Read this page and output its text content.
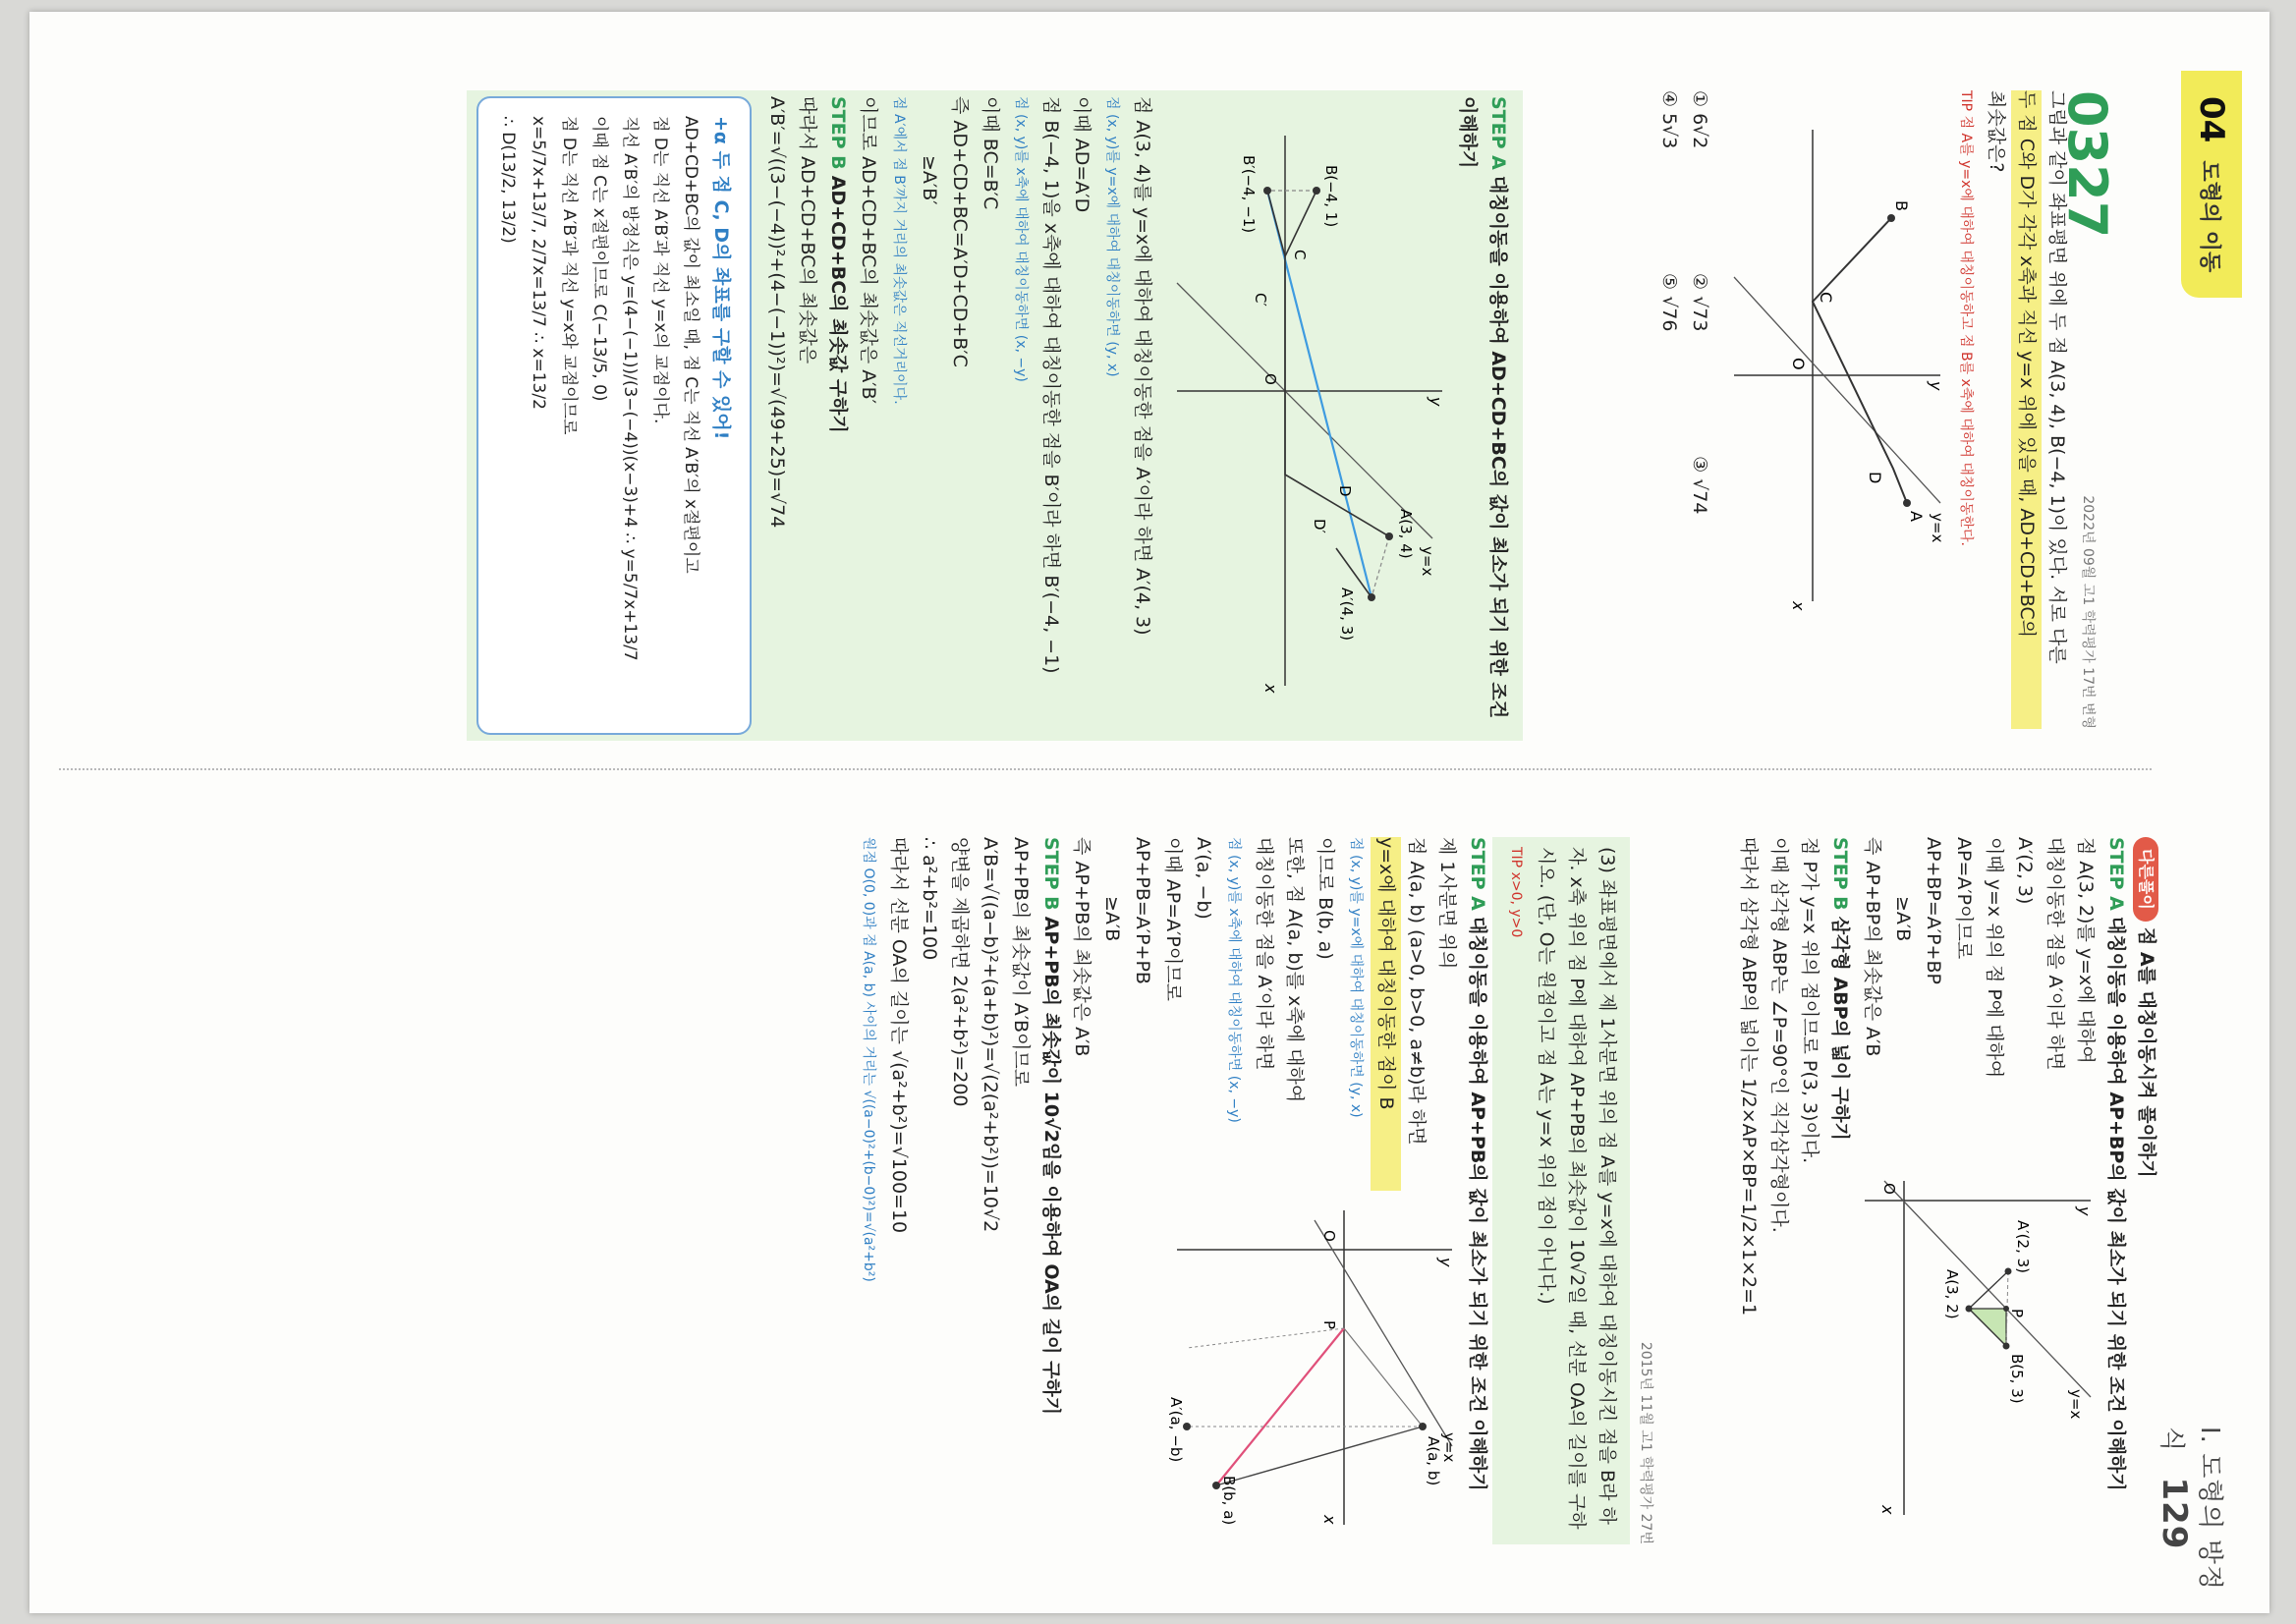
04
도형의 이동
Ⅰ. 도형의 방정식 129
0327
2022년 09월 고1 학력평가 17번 변형
그림과 같이 좌표평면 위에 두 점 A(3, 4), B(−4, 1)이 있다. 서로 다른
두 점 C와 D가 각각 x축과 직선 y=x 위에 있을 때, AD+CD+BC의
최솟값은?
TIP 점 A를 y=x에 대하여 대칭이동하고 점 B를 x축에 대하여 대칭이동한다.
y
y=x
A
B
C
D
O
x
① 6√2 ② √73 ③ √74
④ 5√3 ⑤ √76
STEP A 대칭이동을 이용하여 AD+CD+BC의 값이 최소가 되기 위한 조건 이해하기
y
B(−4, 1)
A(3, 4)
y=x
C
C′
D
D′
O
x
B′(−4, −1)
A′(4, 3)
점 A(3, 4)를 y=x에 대하여 대칭이동한 점을 A′이라 하면 A′(4, 3)
점 (x, y)를 y=x에 대하여 대칭이동하면 (y, x)
이때 AD=A′D
점 B(−4, 1)을 x축에 대하여 대칭이동한 점을 B′이라 하면 B′(−4, −1)
점 (x, y)를 x축에 대하여 대칭이동하면 (x, −y)
이때 BC=B′C
즉 AD+CD+BC=A′D+CD+B′C
≥A′B′
점 A′에서 점 B′까지 거리의 최솟값은 직선거리이다.
이므로 AD+CD+BC의 최솟값은 A′B′
STEP B AD+CD+BC의 최솟값 구하기
따라서 AD+CD+BC의 최솟값은
A′B′=√((3−(−4))²+(4−(−1))²)=√(49+25)=√74
+α 두 점 C, D의 좌표를 구할 수 있어!
AD+CD+BC의 값이 최소일 때, 점 C는 직선 A′B′의 x절편이고
점 D는 직선 A′B′과 직선 y=x의 교점이다.
직선 A′B′의 방정식은 y=(4−(−1))/(3−(−4))(x−3)+4 ∴ y=5/7x+13/7
이때 점 C는 x절편이므로 C(−13/5, 0)
점 D는 직선 A′B′과 직선 y=x와 교점이므로
x=5/7x+13/7, 2/7x=13/7 ∴ x=13/2
∴ D(13/2, 13/2)
다른풀이 점 A를 대칭이동시켜 풀이하기
STEP A 대칭이동을 이용하여 AP+BP의 값이 최소가 되기 위한 조건 이해하기
점 A(3, 2)를 y=x에 대하여
대칭이동한 점을 A′이라 하면
A′(2, 3)
이때 y=x 위의 점 P에 대하여
AP=A′P이므로
AP+BP=A′P+BP
≥A′B
즉 AP+BP의 최솟값은 A′B
y
y=x
A′(2, 3)
P
A(3, 2)
B(5, 3)
O
x
STEP B 삼각형 ABP의 넓이 구하기
점 P가 y=x 위의 점이므로 P(3, 3)이다.
이때 삼각형 ABP는 ∠P=90°인 직각삼각형이다.
따라서 삼각형 ABP의 넓이는 1/2×AP×BP=1/2×1×2=1
2015년 11월 고1 학력평가 27번
(3) 좌표평면에서 제 1사분면 위의 점 A를 y=x에 대하여 대칭이동시킨 점을 B라 하자. x축 위의 점 P에 대하여 AP+PB의 최솟값이 10√2일 때, 선분 OA의 길이를 구하시오. (단, O는 원점이고 점 A는 y=x 위의 점이 아니다.)
TIP x>0, y>0
STEP A 대칭이동을 이용하여 AP+PB의 값이 최소가 되기 위한 조건 이해하기
제 1사분면 위의
점 A(a, b) (a>0, b>0, a≠b)라 하면
y=x에 대하여 대칭이동한 점이 B
점 (x, y)를 y=x에 대하여 대칭이동하면 (y, x)
이므로 B(b, a)
또한, 점 A(a, b)를 x축에 대하여
대칭이동한 점을 A′이라 하면
점 (x, y)를 x축에 대하여 대칭이동하면 (x, −y)
A′(a, −b)
이때 AP=A′P이므로
AP+PB=A′P+PB
≥A′B
즉 AP+PB의 최솟값은 A′B
y
A(a, b)
y=x
B(b, a)
O
P
x
A′(a, −b)
STEP B AP+PB의 최솟값이 10√2임을 이용하여 OA의 길이 구하기
AP+PB의 최솟값이 A′B이므로
A′B=√((a−b)²+(a+b)²)=√(2(a²+b²))=10√2
양변을 제곱하면 2(a²+b²)=200
∴ a²+b²=100
따라서 선분 OA의 길이는 √(a²+b²)=√100=10
원점 O(0, 0)과 점 A(a, b) 사이의 거리는 √((a−0)²+(b−0)²)=√(a²+b²)
